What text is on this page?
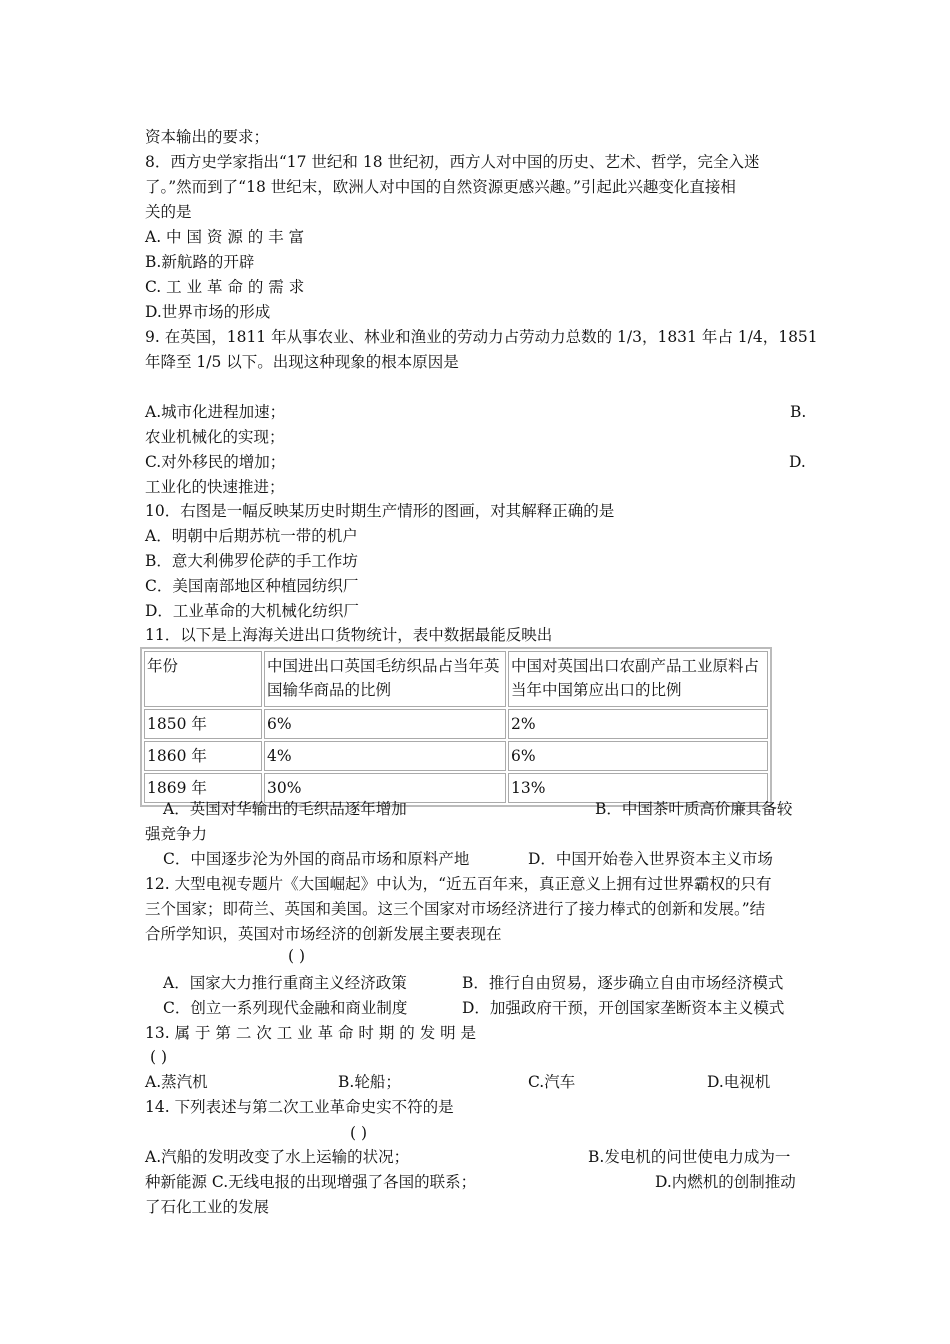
资本输出的要求；
8．西方史学家指出“17 世纪和 18 世纪初，西方人对中国的历史、艺术、哲学，完全入迷
了。”然而到了“18 世纪末，欧洲人对中国的自然资源更感兴趣。”引起此兴趣变化直接相
关的是
A. 中 国 资 源 的 丰 富
B.新航路的开辟
C. 工 业 革 命 的 需 求
D.世界市场的形成
9. 在英国，1811 年从事农业、林业和渔业的劳动力占劳动力总数的 1/3，1831 年占 1/4，1851
年降至 1/5 以下。出现这种现象的根本原因是
A.城市化进程加速；	B.
农业机械化的实现；
C.对外移民的增加；	D.
工业化的快速推进；
10．右图是一幅反映某历史时期生产情形的图画，对其解释正确的是
A．明朝中后期苏杭一带的机户
B．意大利佛罗伦萨的手工作坊
C．美国南部地区种植园纺织厂
D．工业革命的大机械化纺织厂
11．以下是上海海关进出口货物统计，表中数据最能反映出
年份	中国进出口英国毛纺织品占当年英国输华商品的比例	中国对英国出口农副产品工业原料占当年中国第应出口的比例
1850 年	6%	2%
1860 年	4%	6%
1869 年	30%	13%
A．英国对华输出的毛织品逐年增加	B．中国茶叶质高价廉具备较
强竞争力
C．中国逐步沦为外国的商品市场和原料产地	D．中国开始卷入世界资本主义市场
12. 大型电视专题片《大国崛起》中认为，“近五百年来，真正意义上拥有过世界霸权的只有
三个国家；即荷兰、英国和美国。这三个国家对市场经济进行了接力棒式的创新和发展。”结
合所学知识，英国对市场经济的创新发展主要表现在
( )
A．国家大力推行重商主义经济政策	B．推行自由贸易，逐步确立自由市场经济模式
C．创立一系列现代金融和商业制度	D．加强政府干预，开创国家垄断资本主义模式
13. 属 于 第 二 次 工 业 革 命 时 期 的 发 明 是
( )
A.蒸汽机	B.轮船；	C.汽车	D.电视机
14. 下列表述与第二次工业革命史实不符的是
( )
A.汽船的发明改变了水上运输的状况；	B.发电机的问世使电力成为一
种新能源 C.无线电报的出现增强了各国的联系；	D.内燃机的创制推动
了石化工业的发展
